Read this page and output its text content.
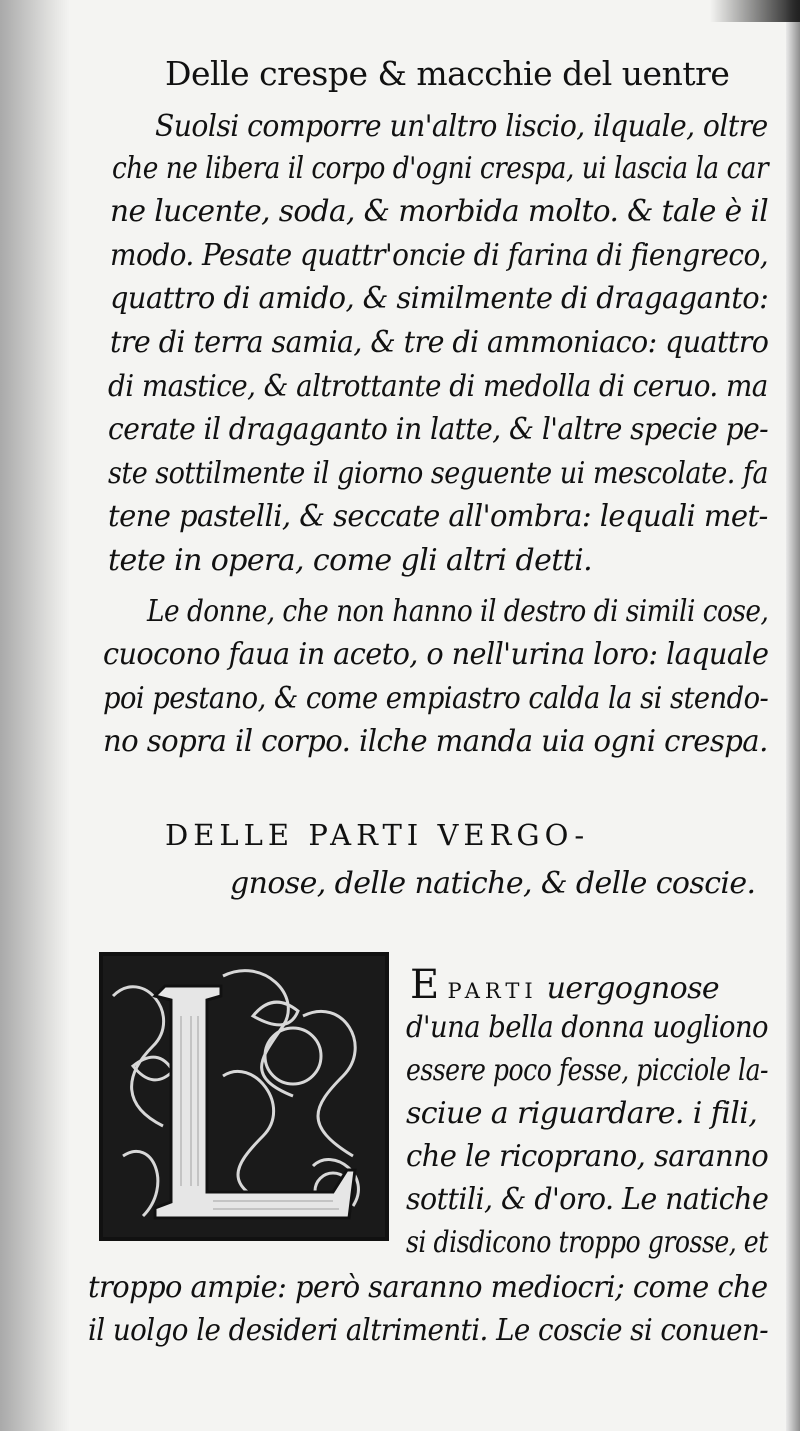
Delle crespe & macchie del uentre
Suolsi comporre un'altro liscio, ilquale, oltre
che ne libera il corpo d'ogni crespa, ui lascia la car
ne lucente, soda, & morbida molto. & tale è il
modo. Pesate quattr'oncie di farina di fiengreco,
quattro di amido, & similmente di dragaganto:
tre di terra samia, & tre di ammoniaco: quattro
di mastice, & altrottante di medolla di ceruo. ma
cerate il dragaganto in latte, & l'altre specie pe-
ste sottilmente il giorno seguente ui mescolate. fa
tene pastelli, & seccate all'ombra: lequali met-
tete in opera, come gli altri detti.
Le donne, che non hanno il destro di simili cose,
cuocono faua in aceto, o nell'urina loro: laquale
poi pestano, & come empiastro calda la si stendo-
no sopra il corpo. ilche manda uia ogni crespa.
DELLE PARTI VERGO-
gnose, delle natiche, & delle coscie.
E PARTI uergognose
d'una bella donna uogliono
essere poco fesse, picciole la-
sciue a riguardare. i fili,
che le ricoprano, saranno
sottili, & d'oro. Le natiche
si disdicono troppo grosse, et
troppo ampie: però saranno mediocri; come che
il uolgo le desideri altrimenti. Le coscie si conuen-
